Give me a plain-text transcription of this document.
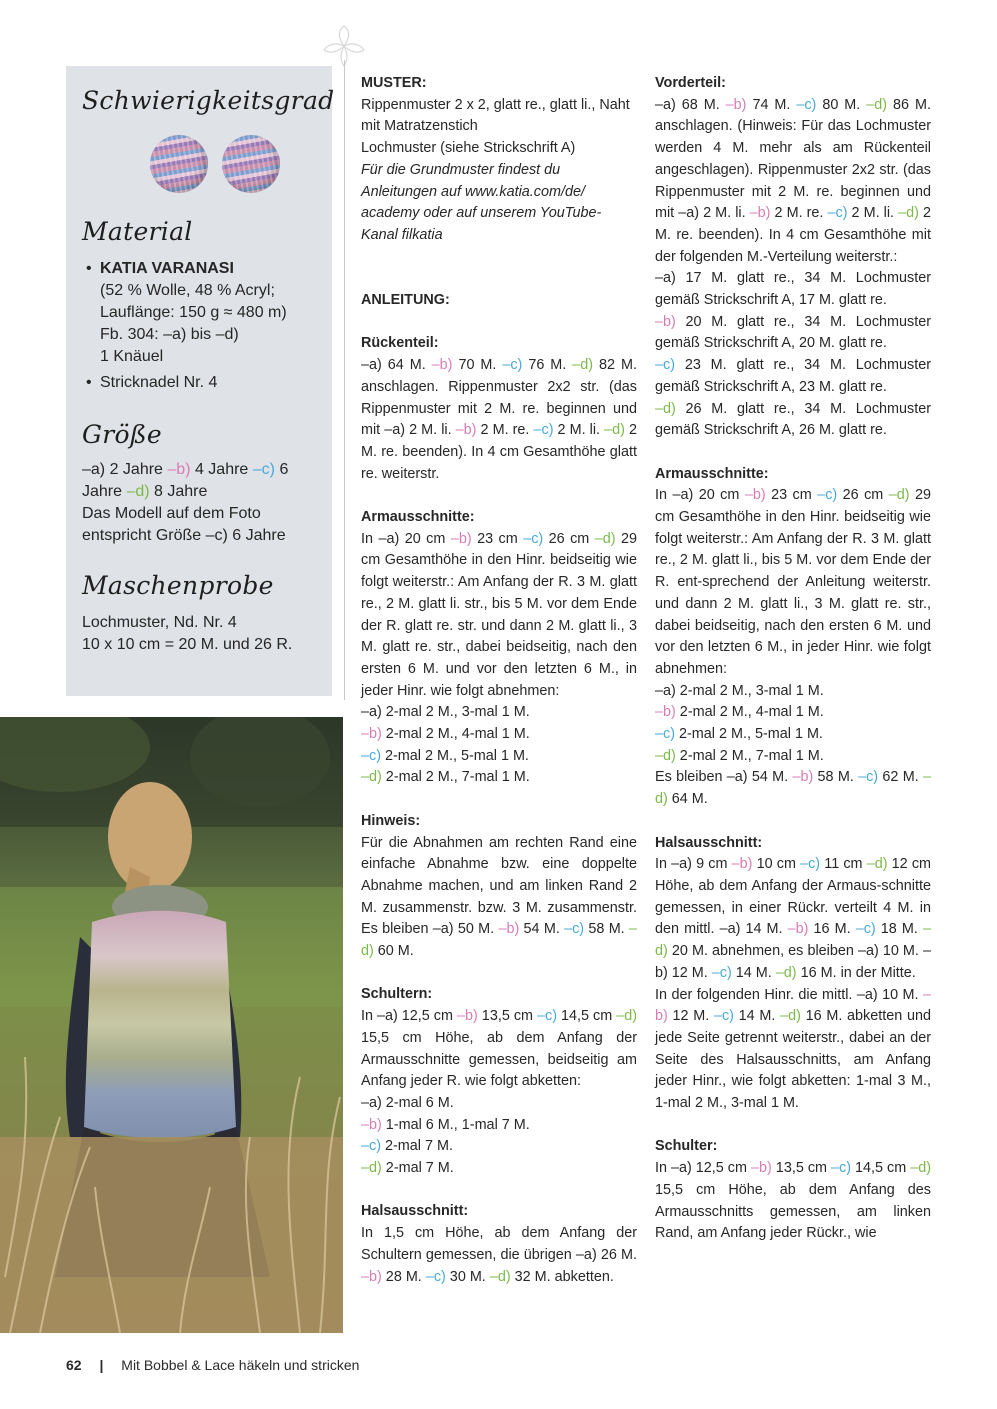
Schwierigkeitsgrad
Material
• KATIA VARANASI
(52 % Wolle, 48 % Acryl;
Lauflänge: 150 g ≈ 480 m)
Fb. 304: –a) bis –d)
1 Knäuel
• Stricknadel Nr. 4
Größe
–a) 2 Jahre –b) 4 Jahre –c) 6
Jahre –d) 8 Jahre
Das Modell auf dem Foto entspricht Größe –c) 6 Jahre
Maschenprobe
Lochmuster, Nd. Nr. 4
10 x 10 cm = 20 M. und 26 R.

MUSTER:

Rippenmuster 2 x 2, glatt re., glatt li., Naht mit Matratzenstich

Lochmuster (siehe Strickschrift A)

Für die Grundmuster findest du Anleitungen auf www.katia.com/de/ academy oder auf unserem YouTube-Kanal filkatia

ANLEITUNG:

Rückenteil:

–a) 64 M. –b) 70 M. –c) 76 M. –d) 82 M. anschlagen. Rippenmuster 2x2 str. (das Rippenmuster mit 2 M. re. beginnen und mit –a) 2 M. li. –b) 2 M. re. –c) 2 M. li. –d) 2 M. re. beenden). In 4 cm Gesamthöhe glatt re. weiterstr.

Armausschnitte:

In –a) 20 cm –b) 23 cm –c) 26 cm –d) 29 cm Gesamthöhe in den Hinr. beidseitig wie folgt weiterstr.: Am Anfang der R. 3 M. glatt re., 2 M. glatt li. str., bis 5 M. vor dem Ende der R. glatt re. str. und dann 2 M. glatt li., 3 M. glatt re. str., dabei beidseitig, nach den ersten 6 M. und vor den letzten 6 M., in jeder Hinr. wie folgt abnehmen:

–a) 2-mal 2 M., 3-mal 1 M.

–b) 2-mal 2 M., 4-mal 1 M.

–c) 2-mal 2 M., 5-mal 1 M.

–d) 2-mal 2 M., 7-mal 1 M.

Hinweis:

Für die Abnahmen am rechten Rand eine einfache Abnahme bzw. eine doppelte Abnahme machen, und am linken Rand 2 M. zusammenstr. bzw. 3 M. zusammenstr. Es bleiben –a) 50 M. –b) 54 M. –c) 58 M. –d) 60 M.

Schultern:

In –a) 12,5 cm –b) 13,5 cm –c) 14,5 cm –d) 15,5 cm Höhe, ab dem Anfang der Armausschnitte gemessen, beidseitig am Anfang jeder R. wie folgt abketten:

–a) 2-mal 6 M.

–b) 1-mal 6 M., 1-mal 7 M.

–c) 2-mal 7 M.

–d) 2-mal 7 M.

Halsausschnitt:

In 1,5 cm Höhe, ab dem Anfang der Schultern gemessen, die übrigen –a) 26 M. –b) 28 M. –c) 30 M. –d) 32 M. abketten.

Vorderteil:

–a) 68 M. –b) 74 M. –c) 80 M. –d) 86 M. anschlagen. (Hinweis: Für das Lochmuster werden 4 M. mehr als am Rückenteil angeschlagen). Rippenmuster 2x2 str. (das Rippenmuster mit 2 M. re. beginnen und mit –a) 2 M. li. –b) 2 M. re. –c) 2 M. li. –d) 2 M. re. beenden). In 4 cm Gesamthöhe mit der folgenden M.-Verteilung weiterstr.:

–a) 17 M. glatt re., 34 M. Lochmuster gemäß Strickschrift A, 17 M. glatt re.

–b) 20 M. glatt re., 34 M. Lochmuster gemäß Strickschrift A, 20 M. glatt re.

–c) 23 M. glatt re., 34 M. Lochmuster gemäß Strickschrift A, 23 M. glatt re.

–d) 26 M. glatt re., 34 M. Lochmuster gemäß Strickschrift A, 26 M. glatt re.

Armausschnitte:

In –a) 20 cm –b) 23 cm –c) 26 cm –d) 29 cm Gesamthöhe in den Hinr. beidseitig wie folgt weiterstr.: Am Anfang der R. 3 M. glatt re., 2 M. glatt li., bis 5 M. vor dem Ende der R. ent-sprechend der Anleitung weiterstr. und dann 2 M. glatt li., 3 M. glatt re. str., dabei beidseitig, nach den ersten 6 M. und vor den letzten 6 M., in jeder Hinr. wie folgt abnehmen:

–a) 2-mal 2 M., 3-mal 1 M.

–b) 2-mal 2 M., 4-mal 1 M.

–c) 2-mal 2 M., 5-mal 1 M.

–d) 2-mal 2 M., 7-mal 1 M.

Es bleiben –a) 54 M. –b) 58 M. –c) 62 M. –d) 64 M.

Halsausschnitt:

In –a) 9 cm –b) 10 cm –c) 11 cm –d) 12 cm Höhe, ab dem Anfang der Armaus-schnitte gemessen, in einer Rückr. verteilt 4 M. in den mittl. –a) 14 M. –b) 16 M. –c) 18 M. –d) 20 M. abnehmen, es bleiben –a) 10 M. –b) 12 M. –c) 14 M. –d) 16 M. in der Mitte.

In der folgenden Hinr. die mittl. –a) 10 M. –b) 12 M. –c) 14 M. –d) 16 M. abketten und jede Seite getrennt weiterstr., dabei an der Seite des Halsausschnitts, am Anfang jeder Hinr., wie folgt abketten: 1-mal 3 M., 1-mal 2 M., 3-mal 1 M.

Schulter:

In –a) 12,5 cm –b) 13,5 cm –c) 14,5 cm –d) 15,5 cm Höhe, ab dem Anfang des Armausschnitts gemessen, am linken Rand, am Anfang jeder Rückr., wie

62 | Mit Bobbel & Lace häkeln und stricken
